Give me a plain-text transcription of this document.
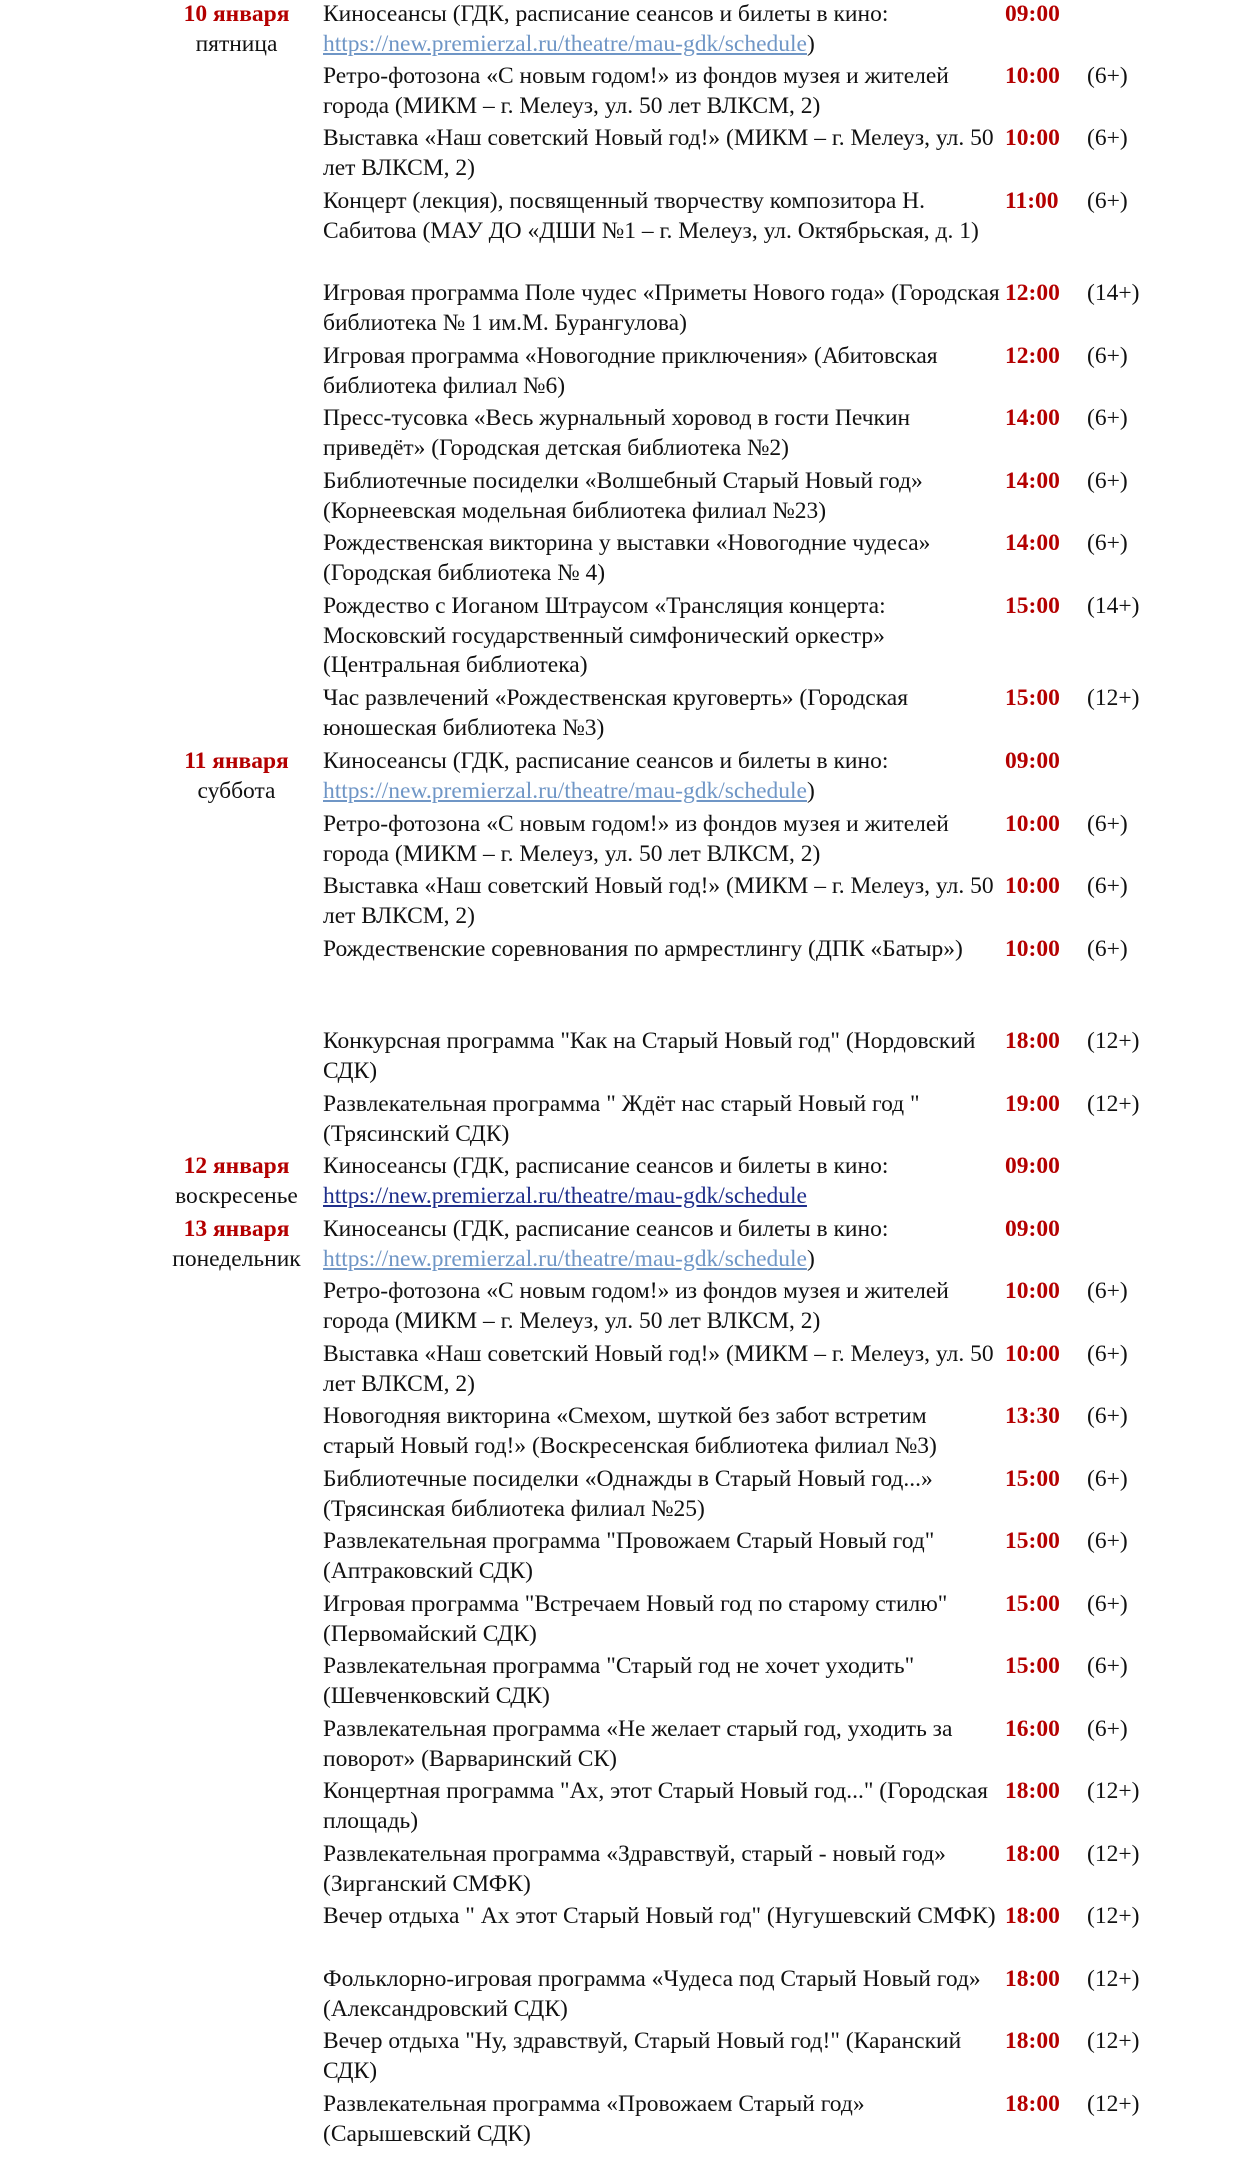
10 января
пятница
Киносеансы (ГДК, расписание сеансов и билеты в кино: https://new.premierzal.ru/theatre/mau-gdk/schedule)
09:00
Ретро-фотозона «С новым годом!» из фондов музея и жителей города (МИКМ – г. Мелеуз, ул. 50 лет ВЛКСМ, 2)
10:00	(6+)
Выставка «Наш советский Новый год!» (МИКМ – г. Мелеуз, ул. 50 лет ВЛКСМ, 2)
10:00	(6+)
Концерт (лекция), посвященный творчеству композитора Н. Сабитова (МАУ ДО «ДШИ №1 – г. Мелеуз, ул. Октябрьская, д. 1)
11:00	(6+)
Игровая программа Поле чудес «Приметы Нового года» (Городская библиотека № 1 им.М. Бурангулова)
12:00	(14+)
Игровая программа «Новогодние приключения» (Абитовская библиотека филиал №6)
12:00	(6+)
Пресс-тусовка «Весь журнальный хоровод в гости Печкин приведёт» (Городская детская библиотека №2)
14:00	(6+)
Библиотечные посиделки «Волшебный Старый Новый год» (Корнеевская модельная библиотека филиал №23)
14:00	(6+)
Рождественская викторина у выставки «Новогодние чудеса» (Городская библиотека № 4)
14:00	(6+)
Рождество с Иоганом Штраусом «Трансляция концерта: Московский государственный симфонический оркестр» (Центральная библиотека)
15:00	(14+)
Час развлечений «Рождественская круговерть» (Городская юношеская библиотека №3)
15:00	(12+)
11 января
суббота
Киносеансы (ГДК, расписание сеансов и билеты в кино: https://new.premierzal.ru/theatre/mau-gdk/schedule)
09:00
Ретро-фотозона «С новым годом!» из фондов музея и жителей города (МИКМ – г. Мелеуз, ул. 50 лет ВЛКСМ, 2)
10:00	(6+)
Выставка «Наш советский Новый год!» (МИКМ – г. Мелеуз, ул. 50 лет ВЛКСМ, 2)
10:00	(6+)
Рождественские соревнования по армрестлингу (ДПК «Батыр»)	10:00	(6+)
Конкурсная программа "Как на Старый Новый год" (Нордовский СДК)
18:00	(12+)
Развлекательная программа " Ждёт нас старый Новый год " (Трясинский СДК)
19:00	(12+)
12 января
воскресенье
Киносеансы (ГДК, расписание сеансов и билеты в кино: https://new.premierzal.ru/theatre/mau-gdk/schedule
09:00
13 января
понедельник
Киносеансы (ГДК, расписание сеансов и билеты в кино: https://new.premierzal.ru/theatre/mau-gdk/schedule)
09:00
Ретро-фотозона «С новым годом!» из фондов музея и жителей города (МИКМ – г. Мелеуз, ул. 50 лет ВЛКСМ, 2)
10:00	(6+)
Выставка «Наш советский Новый год!» (МИКМ – г. Мелеуз, ул. 50 лет ВЛКСМ, 2)
10:00	(6+)
Новогодняя викторина «Смехом, шуткой без забот встретим старый Новый год!» (Воскресенская библиотека филиал №3)
13:30	(6+)
Библиотечные посиделки «Однажды в Старый Новый год...» (Трясинская библиотека филиал №25)
15:00	(6+)
Развлекательная программа "Провожаем Старый Новый год" (Аптраковский СДК)
15:00	(6+)
Игровая программа "Встречаем Новый год по старому стилю" (Первомайский СДК)
15:00	(6+)
Развлекательная программа "Старый год не хочет уходить" (Шевченковский СДК)
15:00	(6+)
Развлекательная программа «Не желает старый год, уходить за поворот» (Варваринский СК)
16:00	(6+)
Концертная программа "Ах, этот Старый Новый год..." (Городская площадь)
18:00	(12+)
Развлекательная программа «Здравствуй, старый - новый год» (Зирганский СМФК)
18:00	(12+)
Вечер отдыха " Ах этот Старый Новый год" (Нугушевский СМФК) 18:00	(12+)
Фольклорно-игровая программа «Чудеса под Старый Новый год» (Александровский СДК)
18:00	(12+)
Вечер отдыха "Ну, здравствуй, Старый Новый год!" (Каранский СДК)
18:00	(12+)
Развлекательная программа «Провожаем Старый год» (Сарышевский СДК)
18:00	(12+)
